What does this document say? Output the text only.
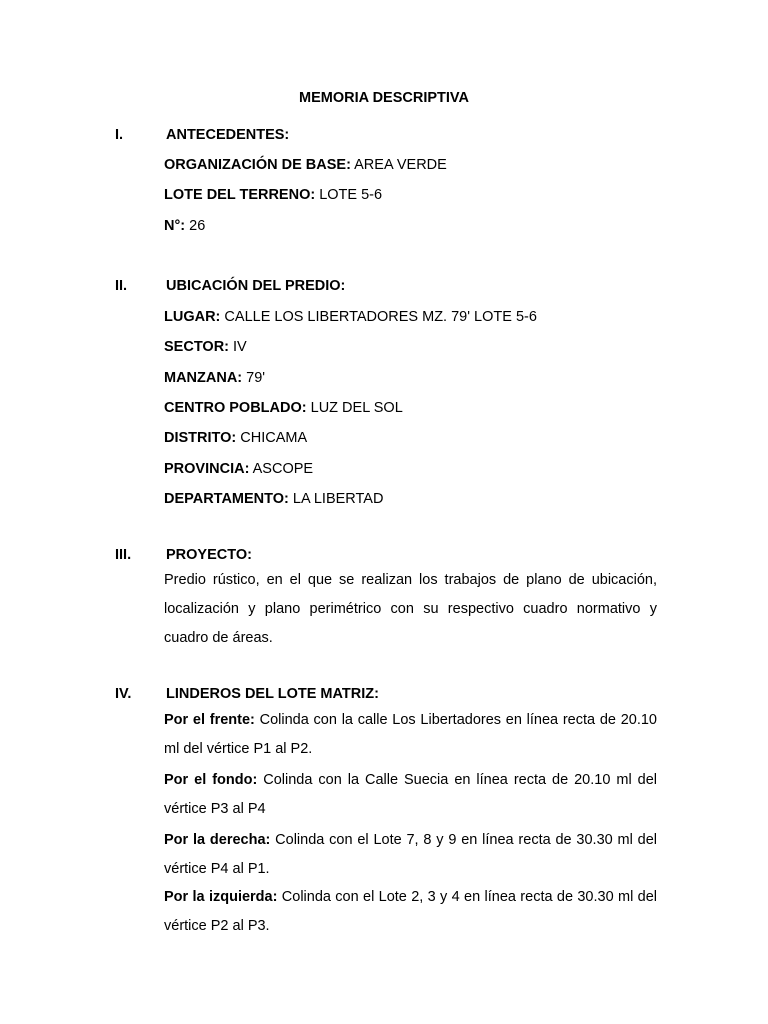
MEMORIA DESCRIPTIVA
I.	ANTECEDENTES:
ORGANIZACIÓN DE BASE: AREA VERDE
LOTE DEL TERRENO: LOTE 5-6
N°: 26
II.	UBICACIÓN DEL PREDIO:
LUGAR: CALLE LOS LIBERTADORES MZ. 79' LOTE 5-6
SECTOR: IV
MANZANA: 79'
CENTRO POBLADO: LUZ DEL SOL
DISTRITO: CHICAMA
PROVINCIA: ASCOPE
DEPARTAMENTO: LA LIBERTAD
III. PROYECTO:
Predio rústico, en el que se realizan los trabajos de plano de ubicación, localización y plano perimétrico con su respectivo cuadro normativo y cuadro de áreas.
IV. LINDEROS DEL LOTE MATRIZ:
Por el frente: Colinda con la calle Los Libertadores en línea recta de 20.10 ml del vértice P1 al P2.
Por el fondo: Colinda con la Calle Suecia en línea recta de 20.10 ml del vértice P3 al P4
Por la derecha: Colinda con el Lote 7, 8 y 9 en línea recta de 30.30 ml del vértice P4 al P1.
Por la izquierda: Colinda con el Lote 2, 3 y 4 en línea recta de 30.30 ml del vértice P2 al P3.
